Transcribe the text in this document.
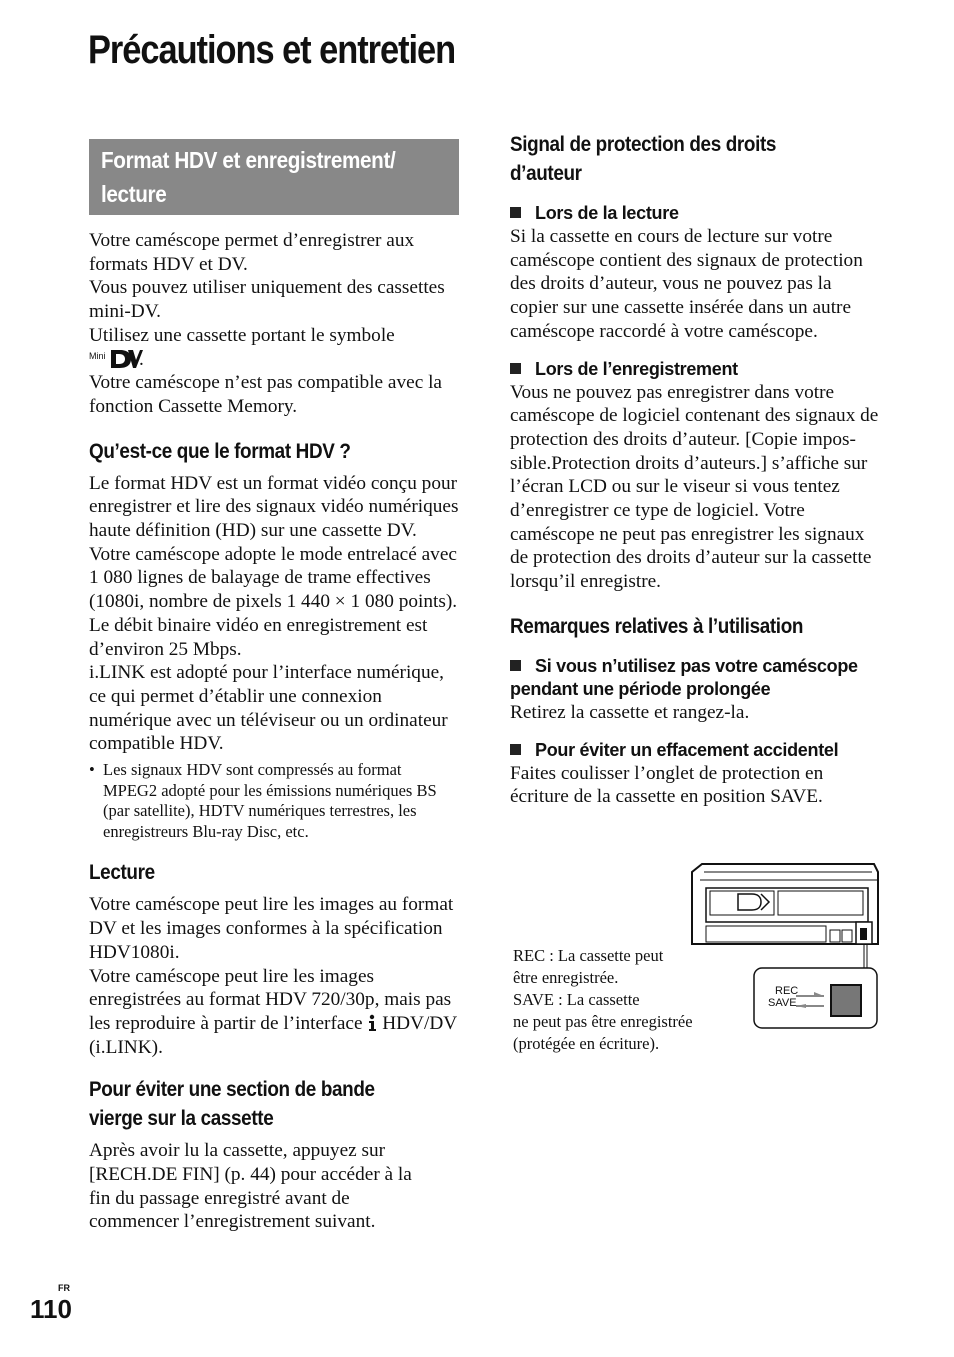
Précautions et entretien
Format HDV et enregistrement/ lecture

Votre caméscope permet d’enregistrer aux formats HDV et DV.

Vous pouvez utiliser uniquement des cassettes mini-DV.

Utilisez une cassette portant le symbole

Mini .

Votre caméscope n’est pas compatible avec la fonction Cassette Memory.

Qu’est-ce que le format HDV ?

Le format HDV est un format vidéo conçu pour enregistrer et lire des signaux vidéo numériques haute définition (HD) sur une cassette DV.

Votre caméscope adopte le mode entrelacé avec 1 080 lignes de balayage de trame effectives (1080i, nombre de pixels 1 440 × 1 080 points).

Le débit binaire vidéo en enregistrement est d’environ 25 Mbps.

i.LINK est adopté pour l’interface numérique, ce qui permet d’établir une connexion numérique avec un téléviseur ou un ordinateur compatible HDV.

• Les signaux HDV sont compressés au format MPEG2 adopté pour les émissions numériques BS (par satellite), HDTV numériques terrestres, les enregistreurs Blu-ray Disc, etc.
Lecture

Votre caméscope peut lire les images au format DV et les images conformes à la spécification HDV1080i.

Votre caméscope peut lire les images enregistrées au format HDV 720/30p, mais pas les reproduire à partir de l’interface HDV/DV (i.LINK).

Pour éviter une section de bande vierge sur la cassette

Après avoir lu la cassette, appuyez sur [RECH.DE FIN] (p. 44) pour accéder à la fin du passage enregistré avant de commencer l’enregistrement suivant.

Signal de protection des droits d’auteur
Lors de la lecture

Si la cassette en cours de lecture sur votre caméscope contient des signaux de protection des droits d’auteur, vous ne pouvez pas la copier sur une cassette insérée dans un autre caméscope raccordé à votre caméscope.

Lors de l’enregistrement

Vous ne pouvez pas enregistrer dans votre caméscope de logiciel contenant des signaux de protection des droits d’auteur. [Copie impos- sible.Protection droits d’auteurs.] s’affiche sur l’écran LCD ou sur le viseur si vous tentez d’enregistrer ce type de logiciel. Votre caméscope ne peut pas enregistrer les signaux de protection des droits d’auteur sur la cassette lorsqu’il enregistre.

Remarques relatives à l’utilisation
Si vous n’utilisez pas votre caméscope pendant une période prolongée

Retirez la cassette et rangez-la.

Pour éviter un effacement accidentel

Faites coulisser l’onglet de protection en écriture de la cassette en position SAVE.

REC
SAVE
REC : La cassette peut
être enregistrée.
SAVE : La cassette
ne peut pas être enregistrée
(protégée en écriture).
FR
110
